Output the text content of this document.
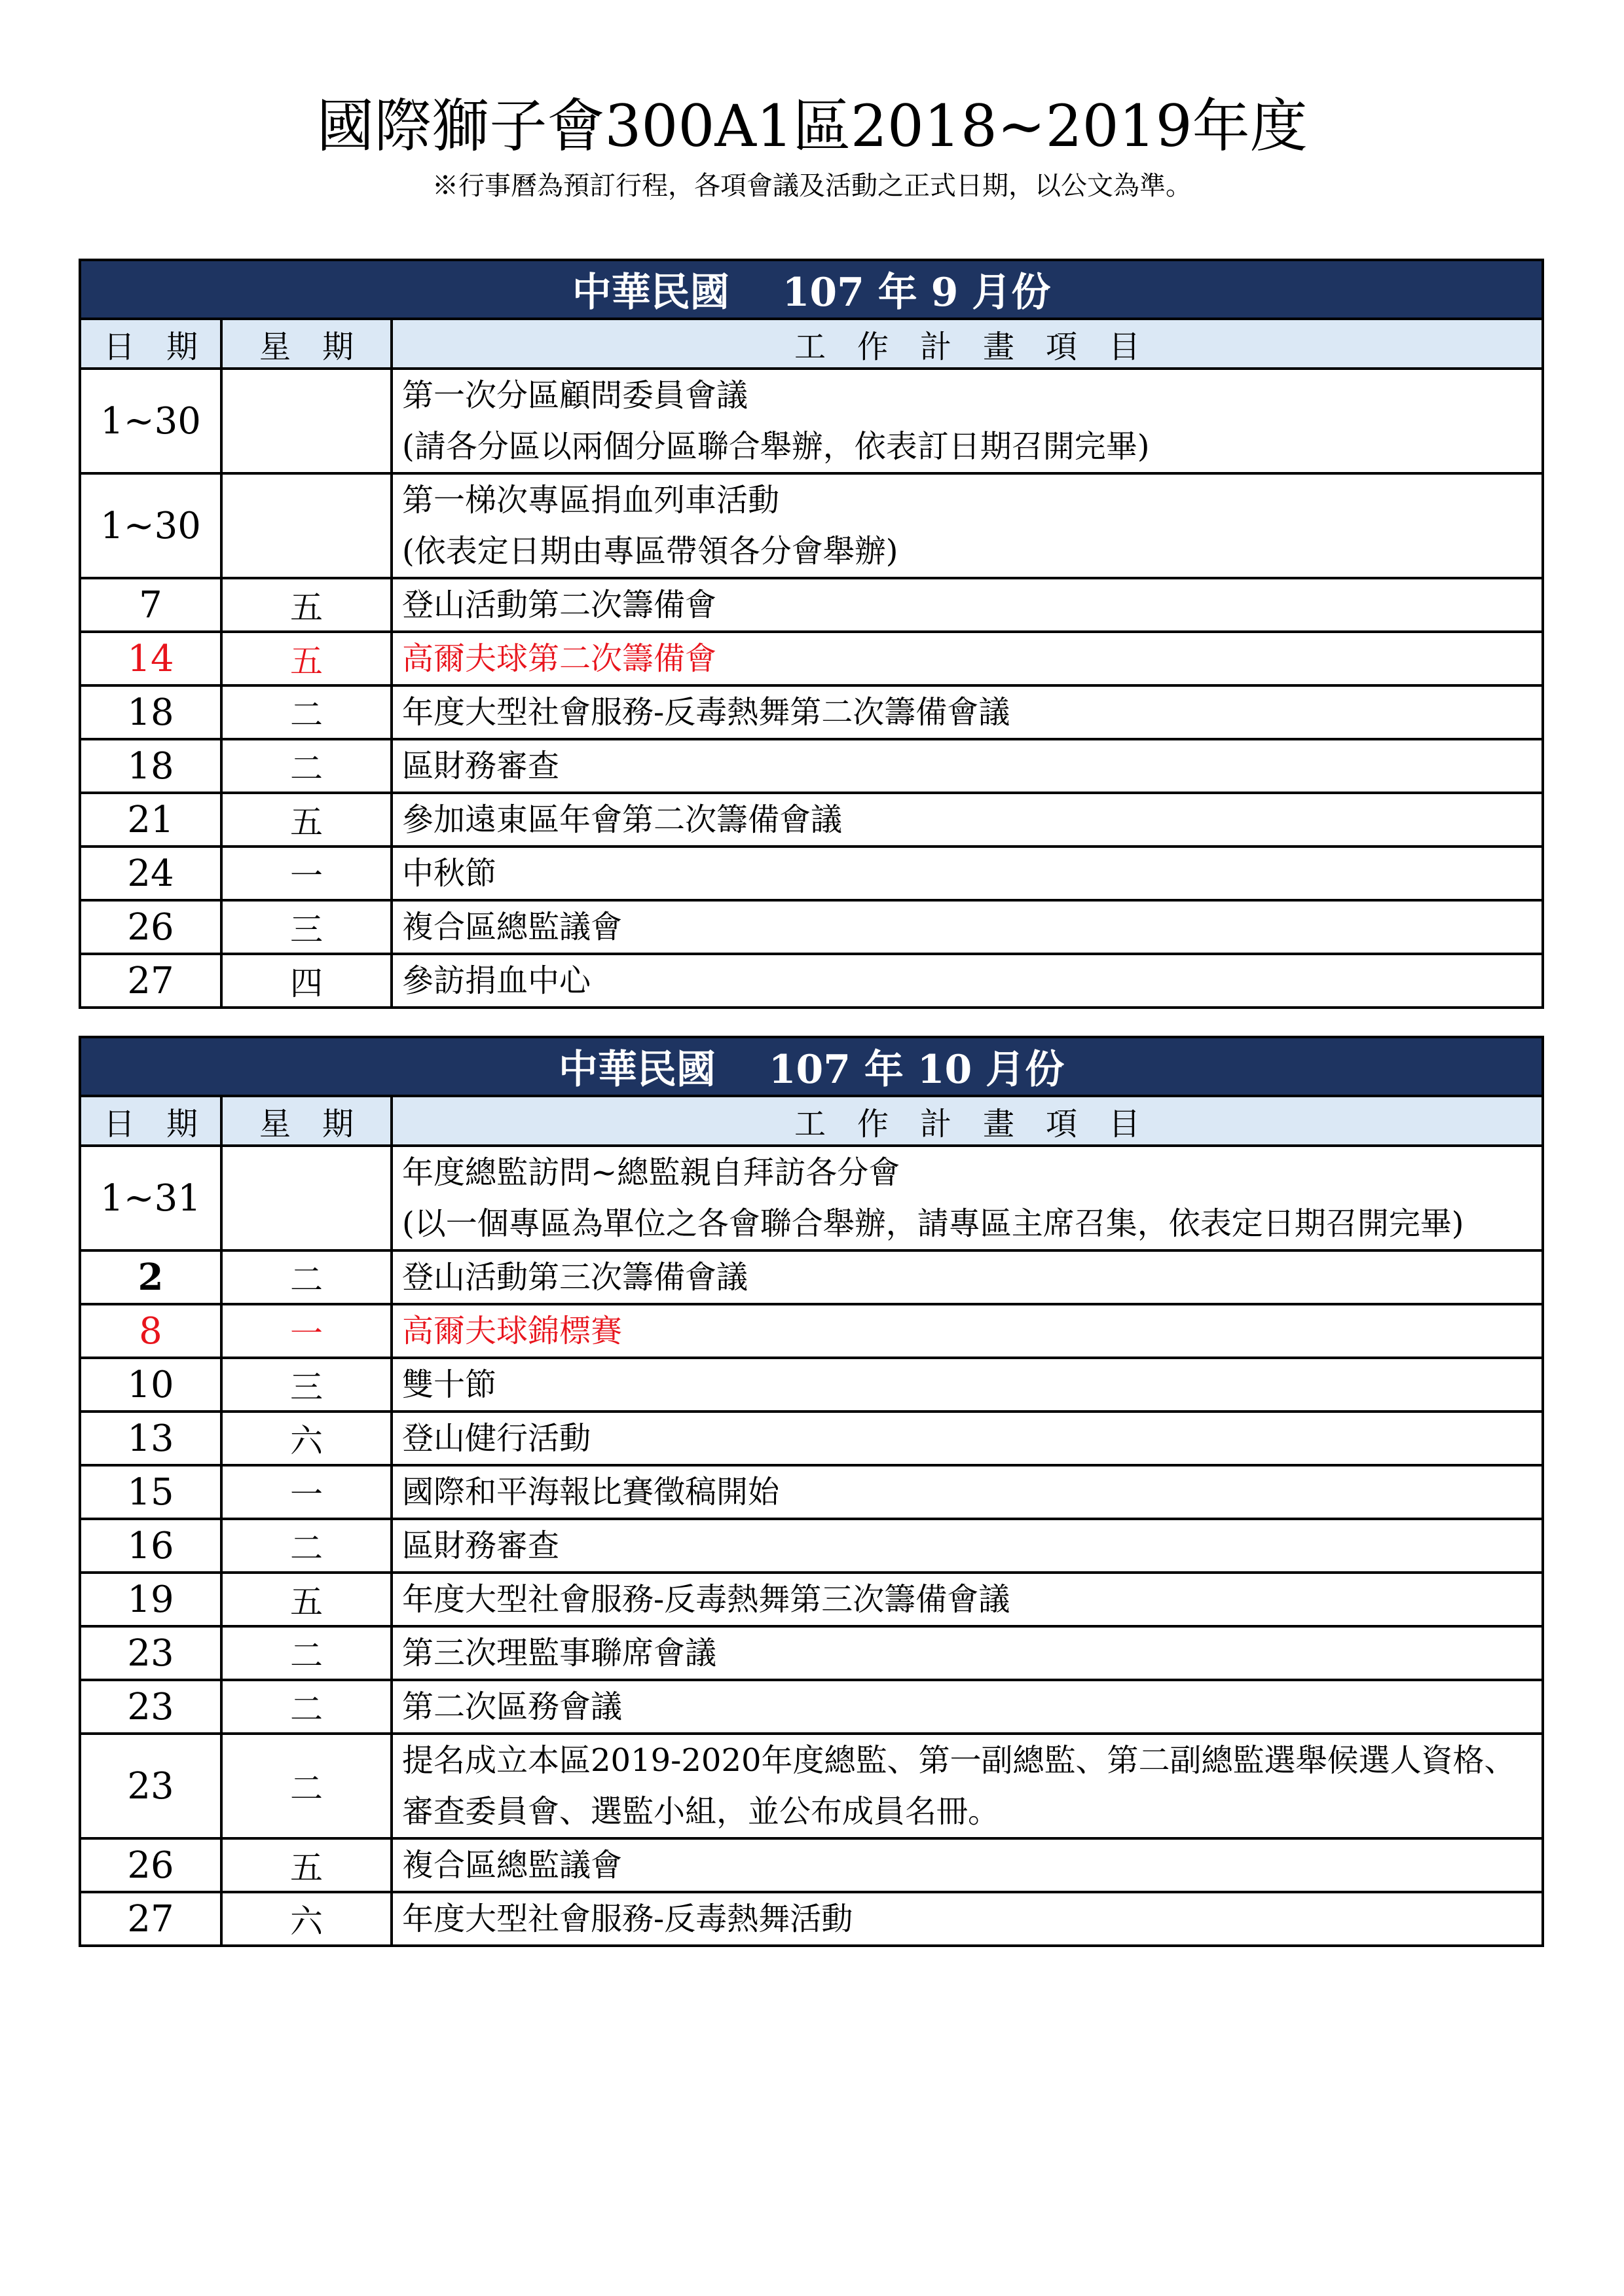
國際獅子會300A1區2018~2019年度
※行事曆為預訂行程，各項會議及活動之正式日期，以公文為準。
中華民國　 107 年 9 月份		
日　期	星　期	工　作　計　畫　項　目
1~30		第一次分區顧問委員會議
(請各分區以兩個分區聯合舉辦，依表訂日期召開完畢)
1~30		第一梯次專區捐血列車活動
(依表定日期由專區帶領各分會舉辦)
7	五	登山活動第二次籌備會
14	五	高爾夫球第二次籌備會
18	二	年度大型社會服務-反毒熱舞第二次籌備會議
18	二	區財務審查
21	五	參加遠東區年會第二次籌備會議
24	一	中秋節
26	三	複合區總監議會
27	四	參訪捐血中心
中華民國　 107 年 10 月份		
日　期	星　期	工　作　計　畫　項　目
1~31		年度總監訪問~總監親自拜訪各分會
(以一個專區為單位之各會聯合舉辦，請專區主席召集，依表定日期召開完畢)
2	二	登山活動第三次籌備會議
8	一	高爾夫球錦標賽
10	三	雙十節
13	六	登山健行活動
15	一	國際和平海報比賽徵稿開始
16	二	區財務審查
19	五	年度大型社會服務-反毒熱舞第三次籌備會議
23	二	第三次理監事聯席會議
23	二	第二次區務會議
23	二	提名成立本區2019-2020年度總監、第一副總監、第二副總監選舉候選人資格、審查委員會、選監小組，並公布成員名冊。
26	五	複合區總監議會
27	六	年度大型社會服務-反毒熱舞活動
